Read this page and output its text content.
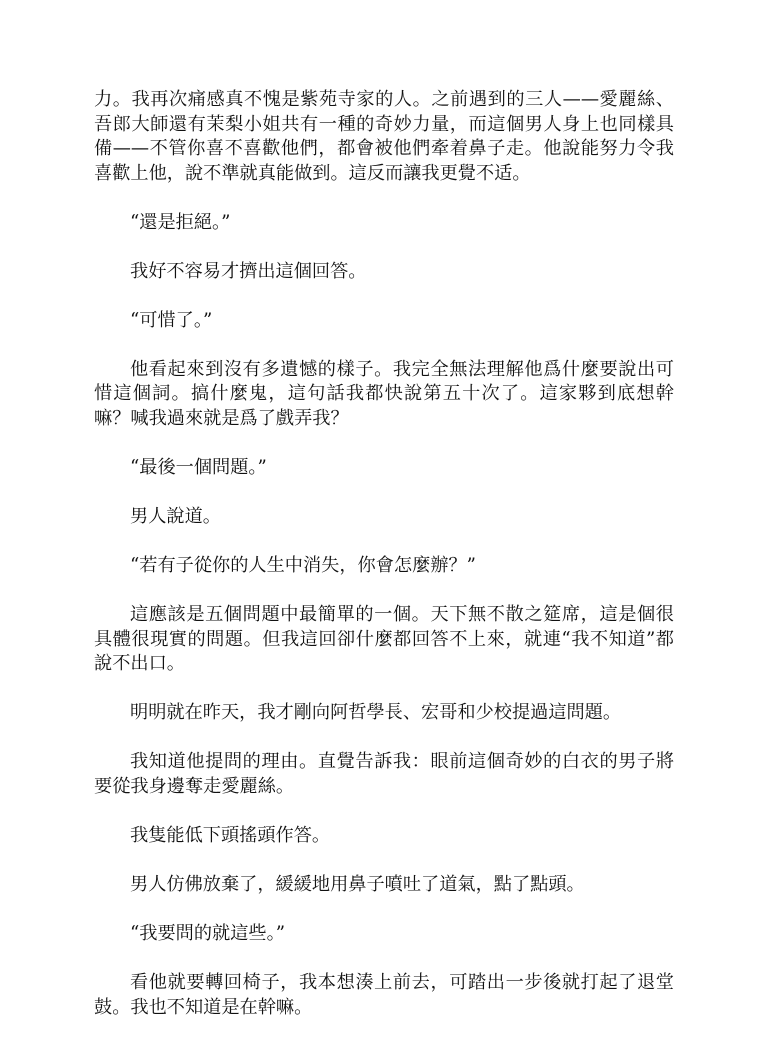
力。我再次痛感真不愧是紫苑寺家的人。之前遇到的三人——愛麗絲、吾郎大師還有茉梨小姐共有一種的奇妙力量，而這個男人身上也同樣具備——不管你喜不喜歡他們，都會被他們牽着鼻子走。他說能努力令我喜歡上他，說不準就真能做到。這反而讓我更覺不适。

“還是拒絕。”

我好不容易才擠出這個回答。

“可惜了。”

他看起來到沒有多遺憾的樣子。我完全無法理解他爲什麼要說出可惜這個詞。搞什麼鬼，這句話我都快說第五十次了。這家夥到底想幹嘛？喊我過來就是爲了戲弄我？

“最後一個問題。”

男人說道。

“若有子從你的人生中消失，你會怎麼辦？”

這應該是五個問題中最簡單的一個。天下無不散之筵席，這是個很具體很現實的問題。但我這回卻什麼都回答不上來，就連“我不知道”都說不出口。

明明就在昨天，我才剛向阿哲學長、宏哥和少校提過這問題。

我知道他提問的理由。直覺告訴我：眼前這個奇妙的白衣的男子將要從我身邊奪走愛麗絲。

我隻能低下頭搖頭作答。

男人仿佛放棄了，緩緩地用鼻子噴吐了道氣，點了點頭。

“我要問的就這些。”

看他就要轉回椅子，我本想湊上前去，可踏出一步後就打起了退堂鼓。我也不知道是在幹嘛。
